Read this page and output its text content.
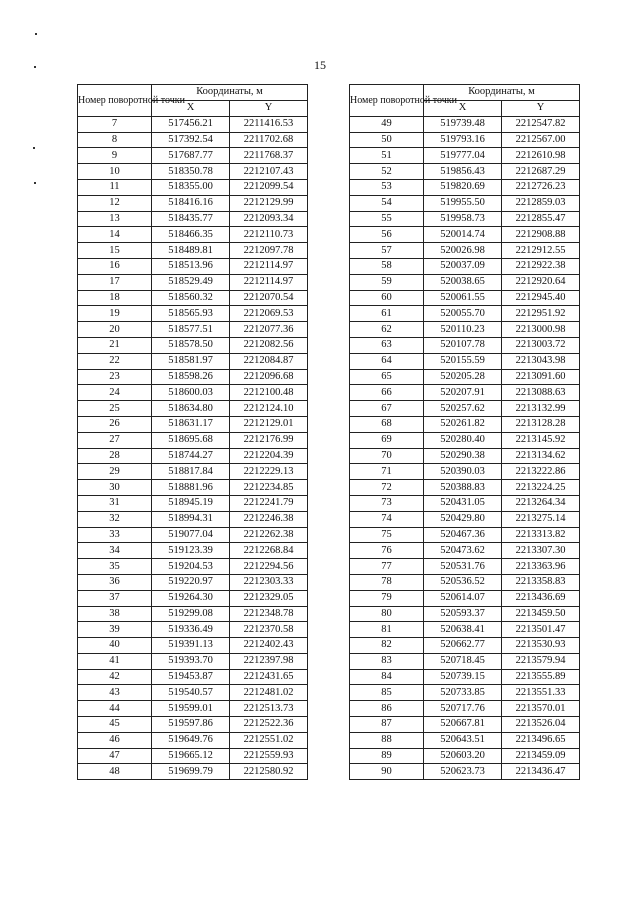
15
Номер поворотной точки	Координаты, м	
	X	Y
7	517456.21	2211416.53
8	517392.54	2211702.68
9	517687.77	2211768.37
10	518350.78	2212107.43
11	518355.00	2212099.54
12	518416.16	2212129.99
13	518435.77	2212093.34
14	518466.35	2212110.73
15	518489.81	2212097.78
16	518513.96	2212114.97
17	518529.49	2212114.97
18	518560.32	2212070.54
19	518565.93	2212069.53
20	518577.51	2212077.36
21	518578.50	2212082.56
22	518581.97	2212084.87
23	518598.26	2212096.68
24	518600.03	2212100.48
25	518634.80	2212124.10
26	518631.17	2212129.01
27	518695.68	2212176.99
28	518744.27	2212204.39
29	518817.84	2212229.13
30	518881.96	2212234.85
31	518945.19	2212241.79
32	518994.31	2212246.38
33	519077.04	2212262.38
34	519123.39	2212268.84
35	519204.53	2212294.56
36	519220.97	2212303.33
37	519264.30	2212329.05
38	519299.08	2212348.78
39	519336.49	2212370.58
40	519391.13	2212402.43
41	519393.70	2212397.98
42	519453.87	2212431.65
43	519540.57	2212481.02
44	519599.01	2212513.73
45	519597.86	2212522.36
46	519649.76	2212551.02
47	519665.12	2212559.93
48	519699.79	2212580.92
Номер поворотной точки	Координаты, м	
	X	Y
49	519739.48	2212547.82
50	519793.16	2212567.00
51	519777.04	2212610.98
52	519856.43	2212687.29
53	519820.69	2212726.23
54	519955.50	2212859.03
55	519958.73	2212855.47
56	520014.74	2212908.88
57	520026.98	2212912.55
58	520037.09	2212922.38
59	520038.65	2212920.64
60	520061.55	2212945.40
61	520055.70	2212951.92
62	520110.23	2213000.98
63	520107.78	2213003.72
64	520155.59	2213043.98
65	520205.28	2213091.60
66	520207.91	2213088.63
67	520257.62	2213132.99
68	520261.82	2213128.28
69	520280.40	2213145.92
70	520290.38	2213134.62
71	520390.03	2213222.86
72	520388.83	2213224.25
73	520431.05	2213264.34
74	520429.80	2213275.14
75	520467.36	2213313.82
76	520473.62	2213307.30
77	520531.76	2213363.96
78	520536.52	2213358.83
79	520614.07	2213436.69
80	520593.37	2213459.50
81	520638.41	2213501.47
82	520662.77	2213530.93
83	520718.45	2213579.94
84	520739.15	2213555.89
85	520733.85	2213551.33
86	520717.76	2213570.01
87	520667.81	2213526.04
88	520643.51	2213496.65
89	520603.20	2213459.09
90	520623.73	2213436.47
